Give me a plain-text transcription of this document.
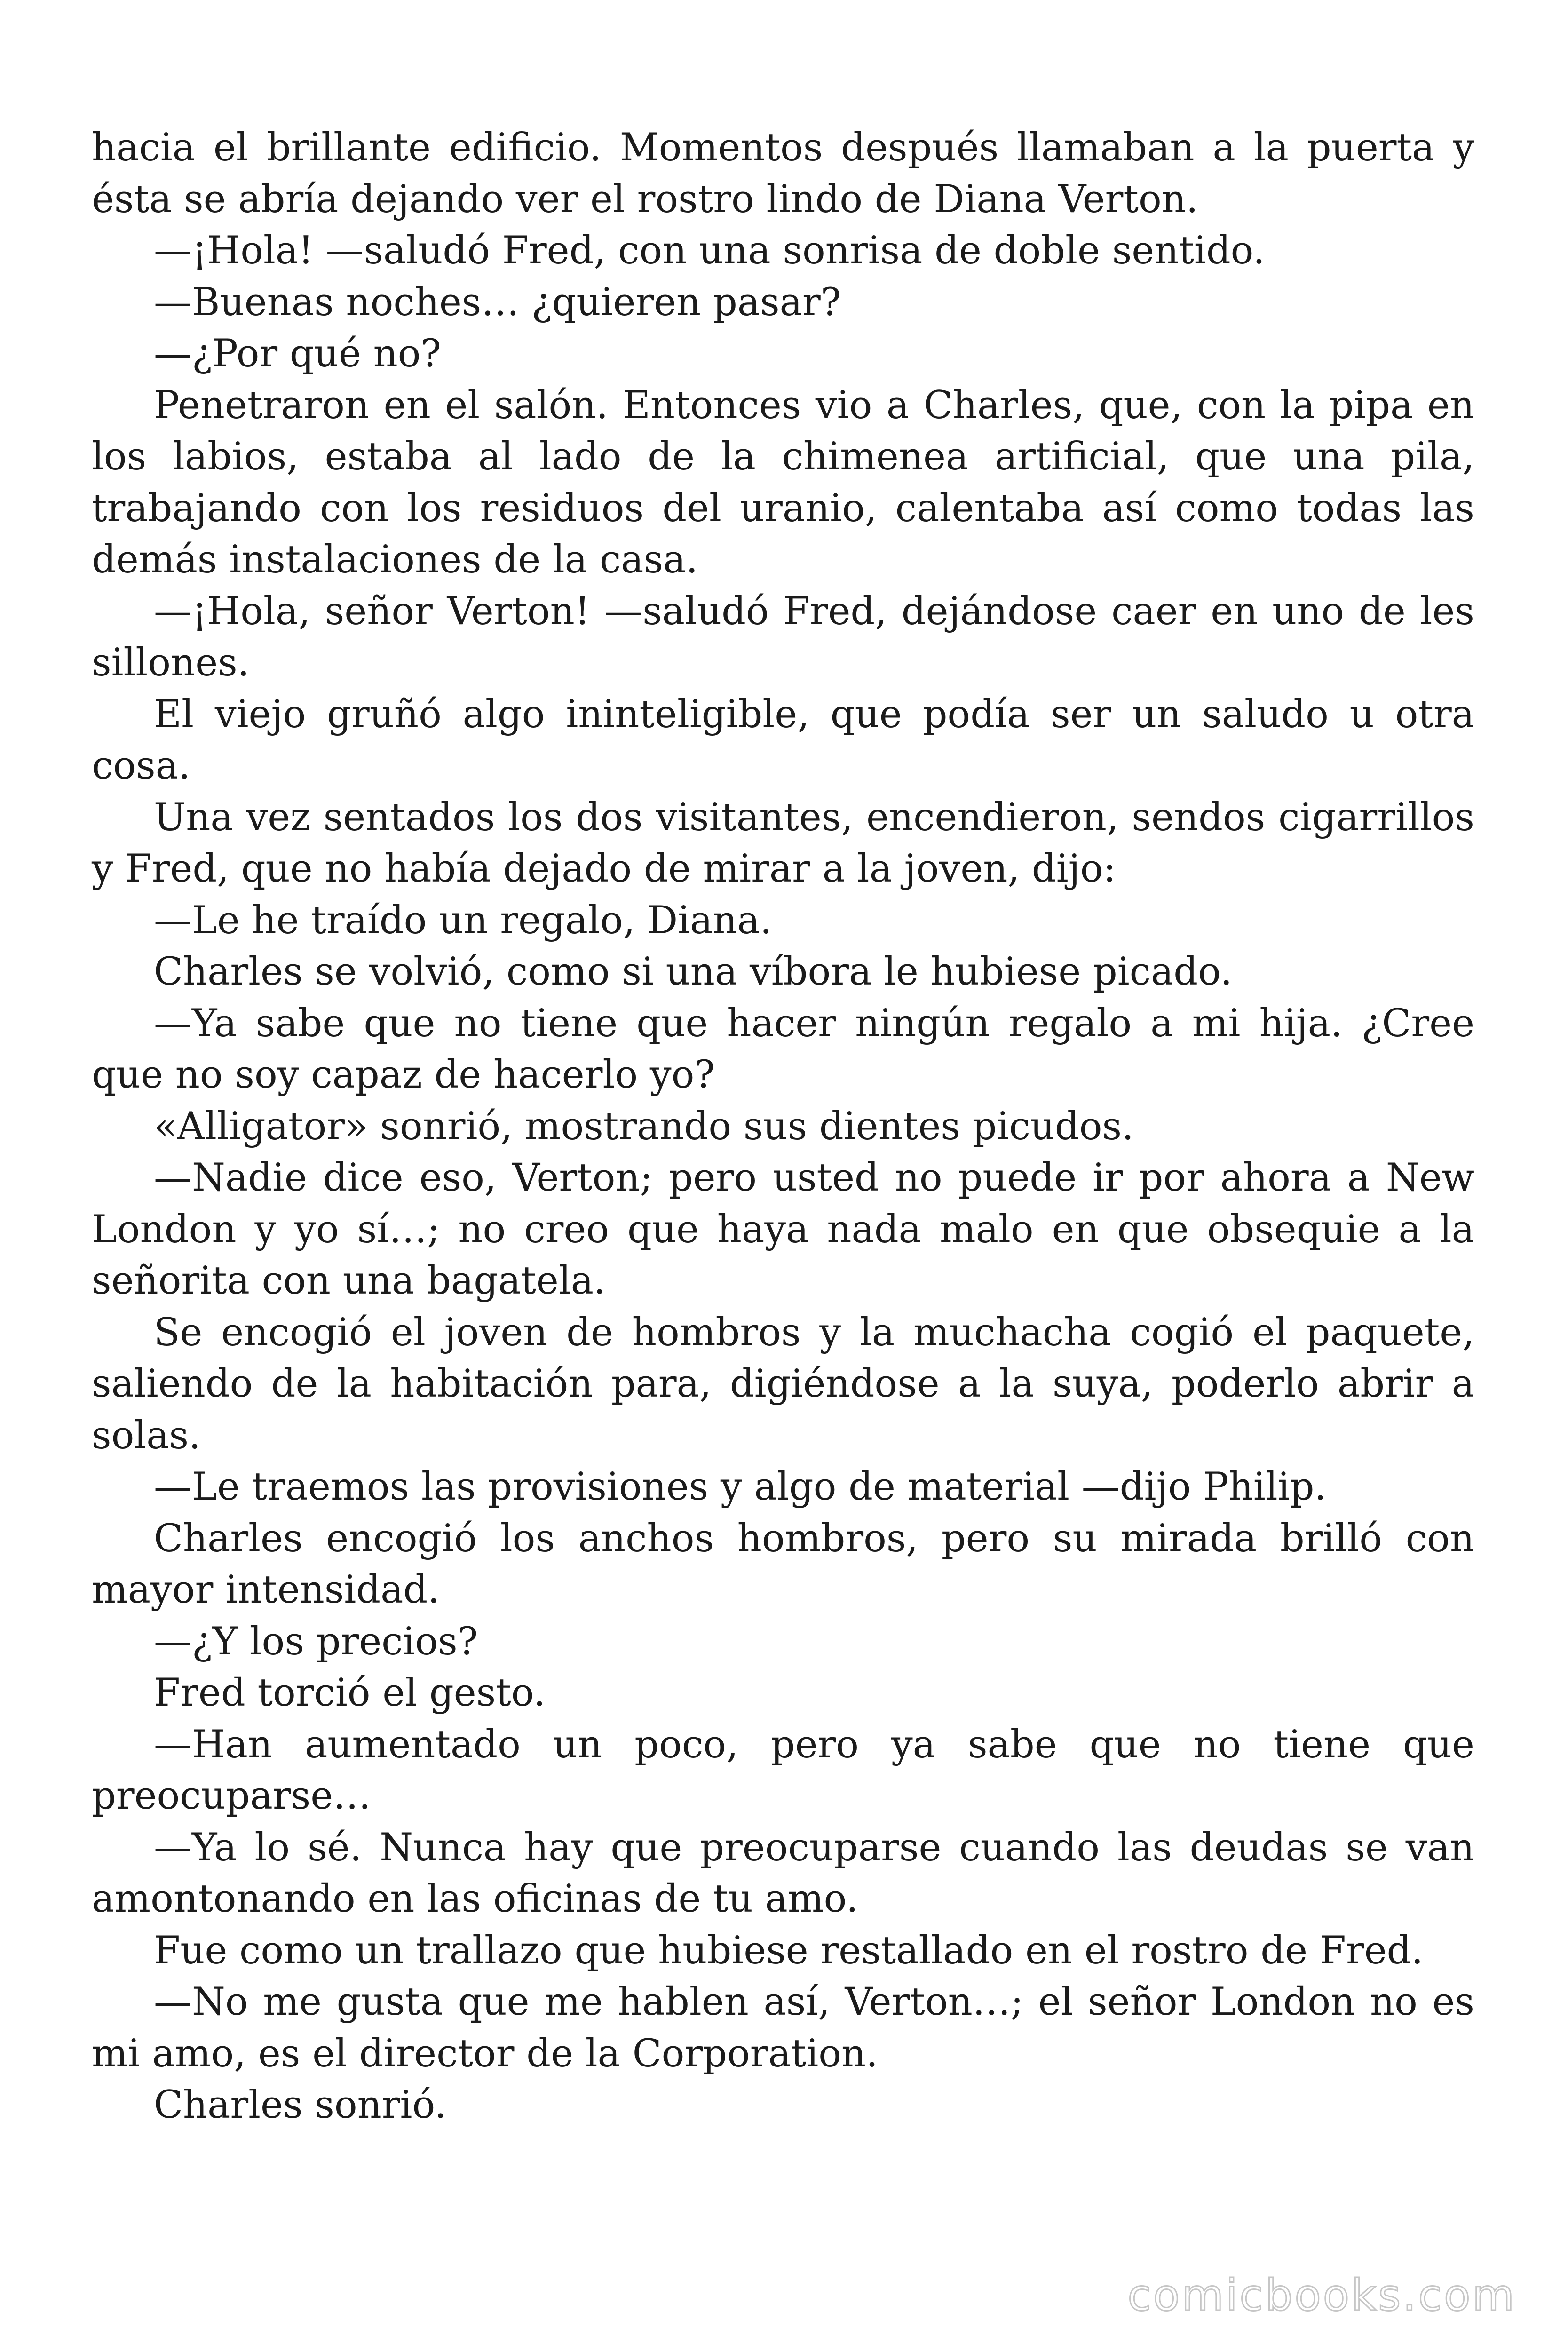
hacia el brillante edificio. Momentos después llamaban a la puerta y ésta se abría dejando ver el rostro lindo de Diana Verton.

—¡Hola! —saludó Fred, con una sonrisa de doble sentido.

—Buenas noches… ¿quieren pasar?

—¿Por qué no?

Penetraron en el salón. Entonces vio a Charles, que, con la pipa en los labios, estaba al lado de la chimenea artificial, que una pila, trabajando con los residuos del uranio, calentaba así como todas las demás instalaciones de la casa.

—¡Hola, señor Verton! —saludó Fred, dejándose caer en uno de les sillones.

El viejo gruñó algo ininteligible, que podía ser un saludo u otra cosa.

Una vez sentados los dos visitantes, encendieron, sendos cigarrillos y Fred, que no había dejado de mirar a la joven, dijo:

—Le he traído un regalo, Diana.

Charles se volvió, como si una víbora le hubiese picado.

—Ya sabe que no tiene que hacer ningún regalo a mi hija. ¿Cree que no soy capaz de hacerlo yo?

«Alligator» sonrió, mostrando sus dientes picudos.

—Nadie dice eso, Verton; pero usted no puede ir por ahora a New London y yo sí…; no creo que haya nada malo en que obsequie a la señorita con una bagatela.

Se encogió el joven de hombros y la muchacha cogió el paquete, saliendo de la habitación para, digiéndose a la suya, poderlo abrir a solas.

—Le traemos las provisiones y algo de material —dijo Philip.

Charles encogió los anchos hombros, pero su mirada brilló con mayor intensidad.

—¿Y los precios?

Fred torció el gesto.

—Han aumentado un poco, pero ya sabe que no tiene que preocuparse…

—Ya lo sé. Nunca hay que preocuparse cuando las deudas se van amontonando en las oficinas de tu amo.

Fue como un trallazo que hubiese restallado en el rostro de Fred.

—No me gusta que me hablen así, Verton…; el señor London no es mi amo, es el director de la Corporation.

Charles sonrió.

comicbooks.com
